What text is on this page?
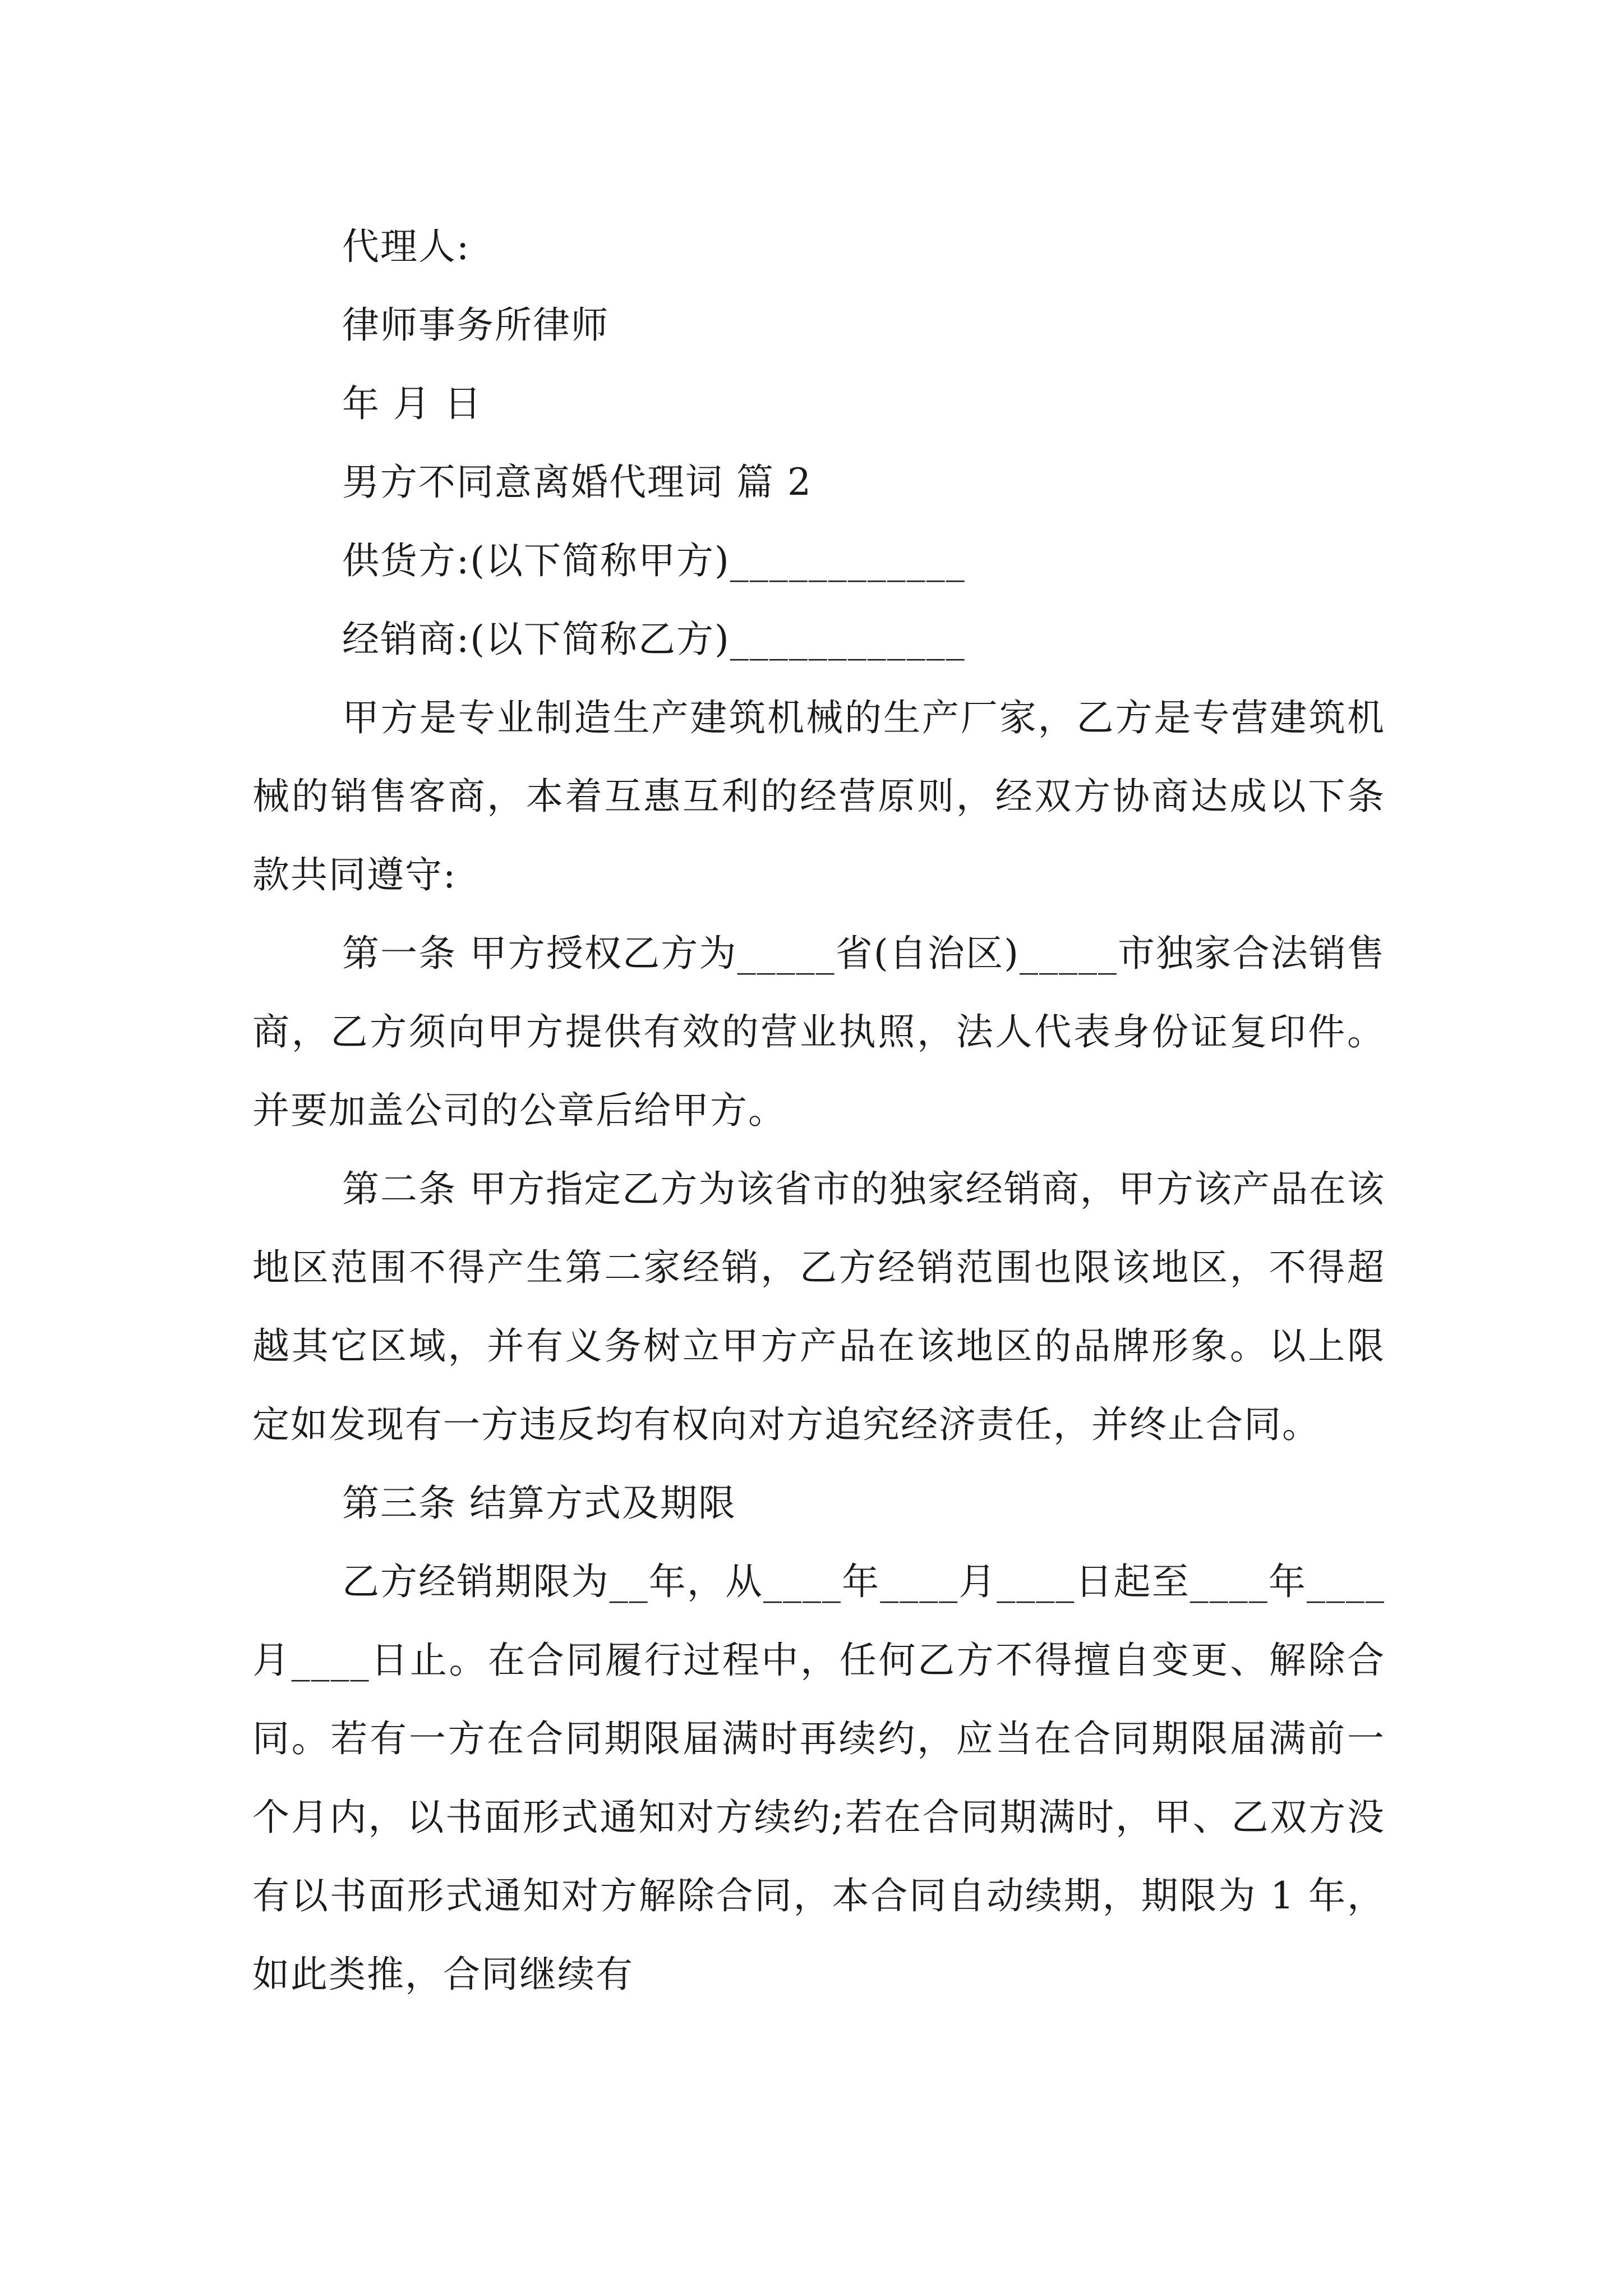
代理人:
律师事务所律师
年 月 日
男方不同意离婚代理词 篇 2
供货方:(以下简称甲方)____________
经销商:(以下简称乙方)____________
甲方是专业制造生产建筑机械的生产厂家，乙方是专营建筑机械的销售客商，本着互惠互利的经营原则，经双方协商达成以下条款共同遵守:
第一条 甲方授权乙方为_____省(自治区)_____市独家合法销售商，乙方须向甲方提供有效的营业执照，法人代表身份证复印件。并要加盖公司的公章后给甲方。
第二条 甲方指定乙方为该省市的独家经销商，甲方该产品在该地区范围不得产生第二家经销，乙方经销范围也限该地区，不得超越其它区域，并有义务树立甲方产品在该地区的品牌形象。以上限定如发现有一方违反均有权向对方追究经济责任，并终止合同。
第三条 结算方式及期限
乙方经销期限为__年，从____年____月____日起至____年____月____日止。在合同履行过程中，任何乙方不得擅自变更、解除合同。若有一方在合同期限届满时再续约，应当在合同期限届满前一个月内，以书面形式通知对方续约;若在合同期满时，甲、乙双方没有以书面形式通知对方解除合同，本合同自动续期，期限为 1 年，如此类推，合同继续有
